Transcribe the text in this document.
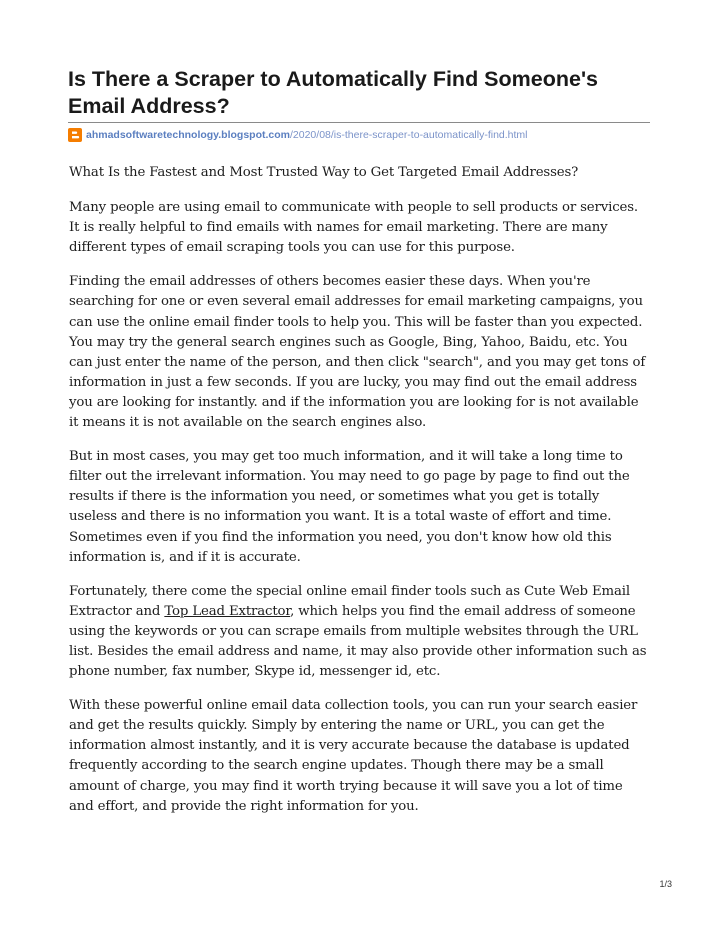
Is There a Scraper to Automatically Find Someone's Email Address?
ahmadsoftwaretechnology.blogspot.com/2020/08/is-there-scraper-to-automatically-find.html

What Is the Fastest and Most Trusted Way to Get Targeted Email Addresses?

Many people are using email to communicate with people to sell products or services. It is really helpful to find emails with names for email marketing. There are many different types of email scraping tools you can use for this purpose.

Finding the email addresses of others becomes easier these days. When you're searching for one or even several email addresses for email marketing campaigns, you can use the online email finder tools to help you. This will be faster than you expected. You may try the general search engines such as Google, Bing, Yahoo, Baidu, etc. You can just enter the name of the person, and then click "search", and you may get tons of information in just a few seconds. If you are lucky, you may find out the email address you are looking for instantly. and if the information you are looking for is not available it means it is not available on the search engines also.

But in most cases, you may get too much information, and it will take a long time to filter out the irrelevant information. You may need to go page by page to find out the results if there is the information you need, or sometimes what you get is totally useless and there is no information you want. It is a total waste of effort and time. Sometimes even if you find the information you need, you don't know how old this information is, and if it is accurate.

Fortunately, there come the special online email finder tools such as Cute Web Email Extractor and Top Lead Extractor, which helps you find the email address of someone using the keywords or you can scrape emails from multiple websites through the URL list. Besides the email address and name, it may also provide other information such as phone number, fax number, Skype id, messenger id, etc.

With these powerful online email data collection tools, you can run your search easier and get the results quickly. Simply by entering the name or URL, you can get the information almost instantly, and it is very accurate because the database is updated frequently according to the search engine updates. Though there may be a small amount of charge, you may find it worth trying because it will save you a lot of time and effort, and provide the right information for you.

1/3
